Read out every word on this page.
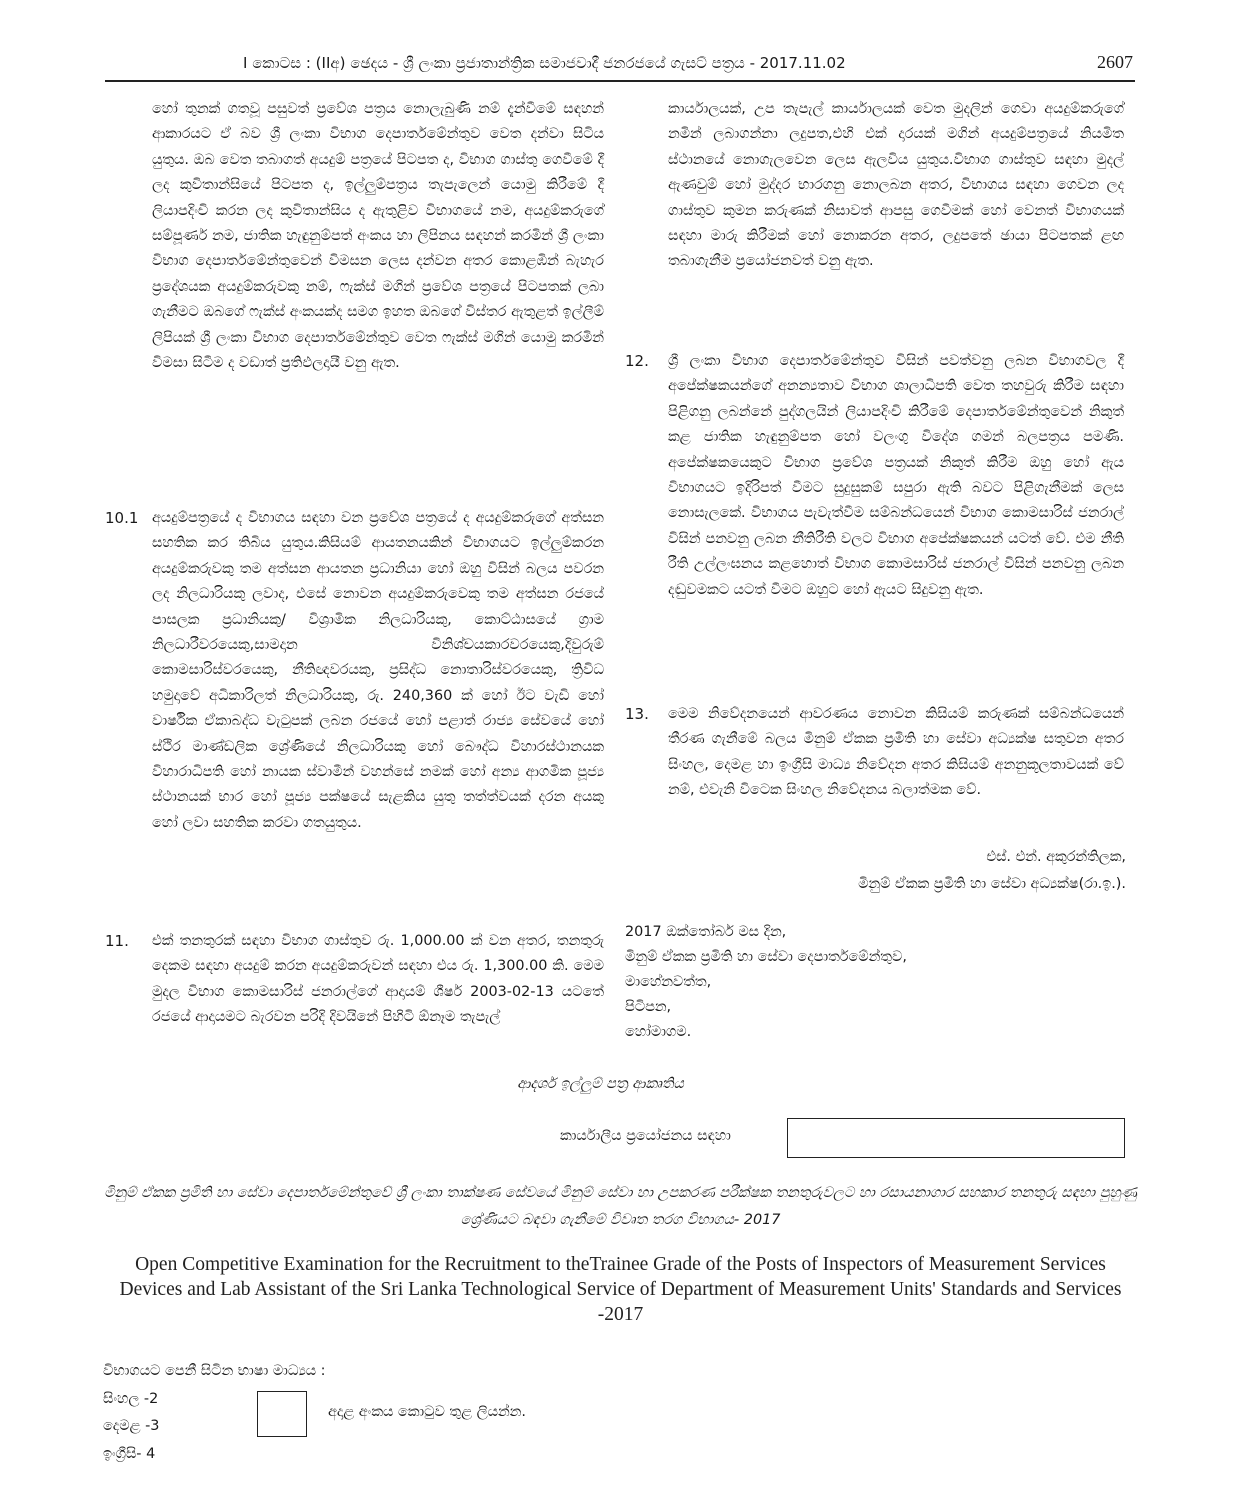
I කොටස : (IIඅ) ඡෙදය - ශ්‍රී ලංකා ප්‍රජාතාන්ත්‍රික සමාජවාදී ජනරජයේ ගැසට් පත්‍රය - 2017.11.02	2607

හෝ තුනක් ගතවූ පසුවත් ප්‍රවේශ පත්‍රය නොලැබුණි නම් දැන්වීමේ සඳහන් ආකාරයට ඒ බව ශ්‍රී ලංකා විභාග දෙපාර්තමේන්තුව වෙත දන්වා සිටිය යුතුය. ඔබ වෙත තබාගත් අයදුම් පත්‍රයේ පිටපත ද, විභාග ගාස්තු ගෙවීමේ දී ලද කුවිතාන්සියේ පිටපත ද, ඉල්ලුම්පත්‍රය තැපැලෙන් යොමු කිරීමේ දී ලියාපදිංචි කරන ලද කුවිතාන්සිය ද ඇතුළිව විභාගයේ නම, අයදුම්කරුගේ සම්පූර්ණ නම, ජාතික හැඳුනුම්පත් අංකය හා ලිපිනය සඳහන් කරමින් ශ්‍රී ලංකා විභාග දෙපාර්තමේන්තුවෙන් විමසන ලෙස දන්වන අතර කොළඹින් බැහැර ප්‍රදේශයක අයදුම්කරුවකු නම්, ෆැක්ස් මගින් ප්‍රවේශ පත්‍රයේ පිටපතක් ලබා ගැනීමට ඔබගේ ෆැක්ස් අංකයක්ද සමග ඉහත ඔබගේ විස්තර ඇතුළත් ඉල්ලීම් ලිපියක් ශ්‍රී ලංකා විභාග දෙපාර්තමේන්තුව වෙත ෆැක්ස් මගින් යොමු කරමින් විමසා සිටීම ද වඩාත් ප්‍රතිඵලදායී වනු ඇත.

10.1 අයදුම්පත්‍රයේ ද විභාගය සඳහා වන ප්‍රවේශ පත්‍රයේ ද අයදුම්කරුගේ අත්සන සහතික කර තිබිය යුතුය.කිසියම් ආයතනයකින් විභාගයට ඉල්ලුම්කරන අයදුම්කරුවකු තම අත්සන ආයතන ප්‍රධානියා හෝ ඔහු විසින් බලය පවරන ලද නිලධාරියකු ලවාද, එසේ නොවන අයදුම්කරුවෙකු තම අත්සන රජයේ පාසලක ප්‍රධානියකු/ විශ්‍රාමික නිලධාරියකු, කොට්ඨාසයේ ග්‍රාම නිලධාරීවරයෙකු,සාමදාන විනිශ්චයකාරවරයෙකු,දිවුරුම් කොමසාරිස්වරයෙකු, නීතිඥවරයකු, ප්‍රසිද්ධ නොතාරිස්වරයෙකු, ත්‍රිවිධ හමුදාවේ අධිකාරිලත් නිලධාරියකු, රු. 240,360 ක් හෝ ඊට වැඩි හෝ වාර්ෂික ඒකාබද්ධ වැටුපක් ලබන රජයේ හෝ පළාත් රාජ්‍ය සේවයේ හෝ ස්ථිර මාණ්ඩලික ශ්‍රේණියේ නිලධාරියකු හෝ බෞද්ධ විහාරස්ථානයක විහාරාධිපති හෝ නායක ස්වාමීන් වහන්සේ නමක් හෝ අන්‍ය ආගමික පූජ්‍ය ස්ථානයක් භාර හෝ පූජ්‍ය පක්ෂයේ සැළකිය යුතු තත්ත්වයක් දරන අයකු හෝ ලවා සහතික කරවා ගතයුතුය.

11. එක් තනතුරක් සඳහා විභාග ගාස්තුව රු. 1,000.00 ක් වන අතර, තනතුරු දෙකම සඳහා අයදුම් කරන අයදුම්කරුවන් සඳහා එය රු. 1,300.00 කි. මෙම මුදල විභාග කොමසාරිස් ජනරාල්ගේ ආදායම් ශීර්ෂ 2003-02-13 යටතේ රජයේ ආදායමට බැරවන පරිදි දිවයිනේ පිහිටි ඕනෑම තැපැල්

කාර්යාලයක්, උප තැපැල් කාර්යාලයක් වෙත මුදලින් ගෙවා අයදුම්කරුගේ නමින් ලබාගන්නා ලදුපත,එහි එක් දාරයක් මගින් අයදුම්පත්‍රයේ නියමිත ස්ථානයේ නොගැලවෙන ලෙස ඇලවිය යුතුය.විභාග ගාස්තුව සඳහා මුදල් ඇණවුම් හෝ මුද්දර භාරගනු නොලබන අතර, විභාගය සඳහා ගෙවන ලද ගාස්තුව කුමන කරුණක් නිසාවත් ආපසු ගෙවීමක් හෝ වෙනත් විභාගයක් සඳහා මාරු කිරීමක් හෝ නොකරන අතර, ලදුපතේ ඡායා පිටපතක් ළඟ තබාගැනීම ප්‍රයෝජනවත් වනු ඇත.

12. ශ්‍රී ලංකා විභාග දෙපාර්තමේන්තුව විසින් පවත්වනු ලබන විභාගවල දී අපේක්ෂකයන්ගේ අනන්‍යතාව විභාග ශාලාධිපති වෙත තහවුරු කිරීම සඳහා පිළිගනු ලබන්නේ පුද්ගලයින් ලියාපදිංචි කිරීමේ දෙපාර්තමේන්තුවෙන් නිකුත් කළ ජාතික හැඳුනුම්පත හෝ වලංගු විදේශ ගමන් බලපත්‍රය පමණි. අපේක්ෂකයෙකුට විභාග ප්‍රවේශ පත්‍රයක් නිකුත් කිරීම ඔහු හෝ ඇය විභාගයට ඉදිරිපත් වීමට සුදුසුකම් සපුරා ඇති බවට පිළිගැනීමක් ලෙස නොසැලකේ. විභාගය පැවැත්වීම සම්බන්ධයෙන් විභාග කොමසාරිස් ජනරාල් විසින් පනවනු ලබන නීතිරීති වලට විභාග අපේක්ෂකයන් යටත් වේ. එම නීති රීති උල්ලංඝනය කළහොත් විභාග කොමසාරිස් ජනරාල් විසින් පනවනු ලබන දඬුවමකට යටත් වීමට ඔහුට හෝ ඇයට සිදුවනු ඇත.

13. මෙම නිවේදනයෙන් ආවරණය නොවන කිසියම් කරුණක් සම්බන්ධයෙන් තීරණ ගැනීමේ බලය මිනුම් ඒකක ප්‍රමිති හා සේවා අධ්‍යක්ෂ සතුවන අතර සිංහල, දෙමළ හා ඉංග්‍රීසි මාධ්‍ය නිවේදන අතර කිසියම් අනනුකූලතාවයක් වේ නම්, එවැනි විටෙක සිංහල නිවේදනය බලාත්මක වේ.

එස්. එන්. අකුරන්තිලක,
මිනුම් ඒකක ප්‍රමිති හා සේවා අධ්‍යක්ෂ(රා.ඉ.).
2017 ඔක්තෝබර් මස දින,
මිනුම් ඒකක ප්‍රමිති හා සේවා දෙපාර්තමේන්තුව,
මාහේනවත්ත,
පිටිපන,
හෝමාගම.
ආදර්ශ ඉල්ලුම් පත්‍ර ආකෘතිය
කාර්යාලීය ප්‍රයෝජනය සඳහා
මිනුම් ඒකක ප්‍රමිති හා සේවා දෙපාර්තමේන්තුවේ ශ්‍රී ලංකා තාක්ෂණ සේවයේ මිනුම් සේවා හා උපකරණ පරීක්ෂක තනතුරුවලට හා රසායනාගාර සහකාර තනතුරු සඳහා පුහුණු ශ්‍රේණියට බඳවා ගැනීමේ විවෘත තරග විභාගය- 2017
Open Competitive Examination for the Recruitment to theTrainee Grade of the Posts of Inspectors of Measurement Services Devices and Lab Assistant of the Sri Lanka Technological Service of Department of Measurement Units' Standards and Services -2017
විභාගයට පෙනී සිටින භාෂා මාධ්‍යය :
සිංහල -2
දෙමළ -3
ඉංග්‍රීසි- 4
අදාළ අංකය කොටුව තුළ ලියන්න.
